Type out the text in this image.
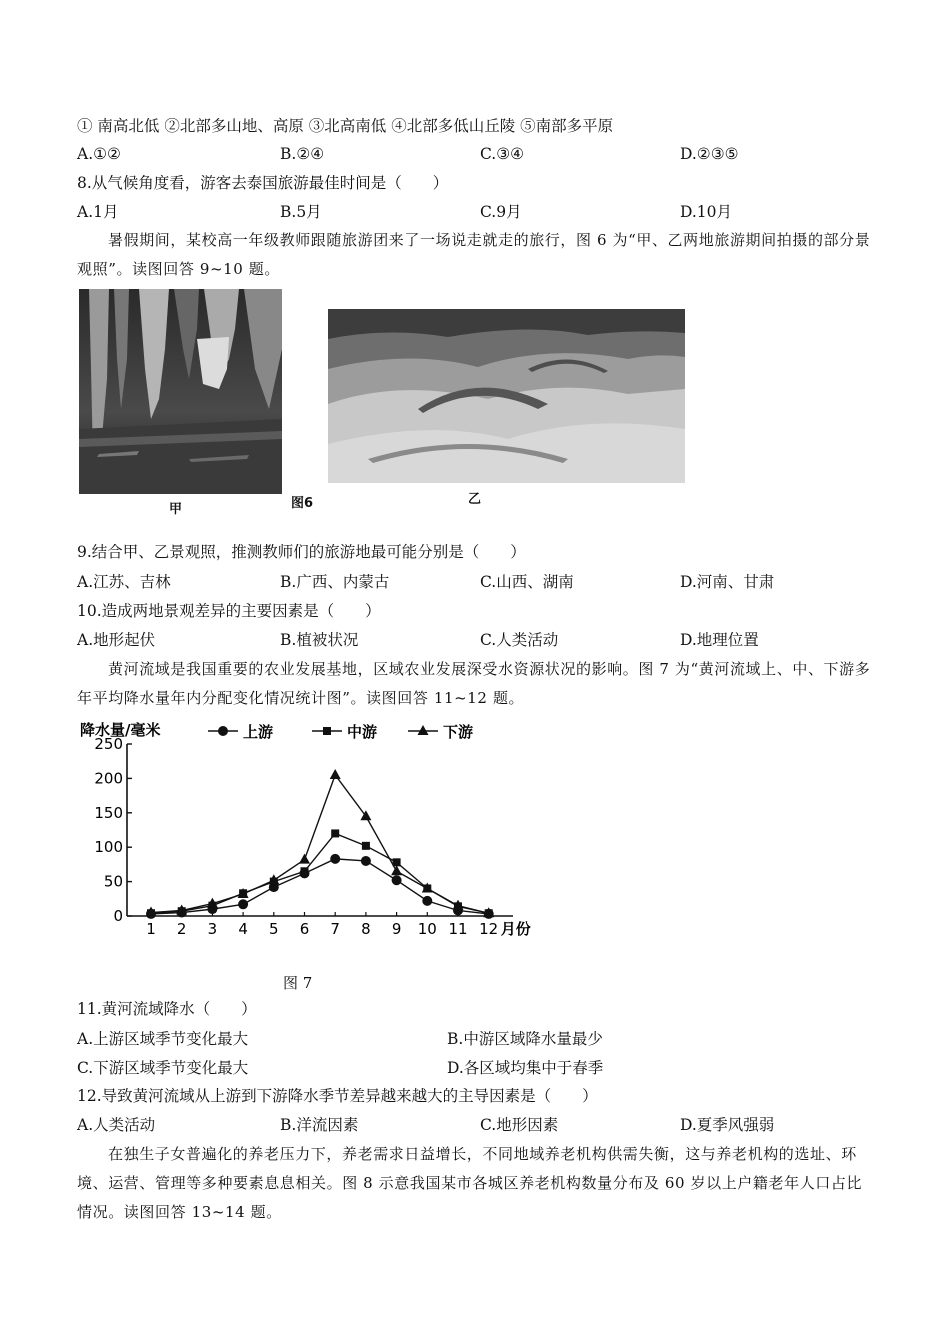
① 南高北低 ②北部多山地、高原 ③北高南低 ④北部多低山丘陵 ⑤南部多平原
A.①②	B.②④	C.③④	D.②③⑤
8.从气候角度看，游客去泰国旅游最佳时间是（　　）
A.1月	B.5月	C.9月	D.10月
暑假期间，某校高一年级教师跟随旅游团来了一场说走就走的旅行，图 6 为“甲、乙两地旅游期间拍摄的部分景观照”。读图回答 9~10 题。
甲	图6	乙
9.结合甲、乙景观照，推测教师们的旅游地最可能分别是（　　）
A.江苏、吉林	B.广西、内蒙古	C.山西、湖南	D.河南、甘肃
10.造成两地景观差异的主要因素是（　　）
A.地形起伏	B.植被状况	C.人类活动	D.地理位置
黄河流域是我国重要的农业发展基地，区域农业发展深受水资源状况的影响。图 7 为“黄河流域上、中、下游多年平均降水量年内分配变化情况统计图”。读图回答 11~12 题。
降水量/毫米	上游	中游	下游
0
50
100
150
200
250
1 2 3 4 5 6 7 8 9 10 11 12 月份
图 7
11.黄河流域降水（　　）
A.上游区域季节变化最大	B.中游区域降水量最少
C.下游区域季节变化最大	D.各区域均集中于春季
12.导致黄河流域从上游到下游降水季节差异越来越大的主导因素是（　　）
A.人类活动	B.洋流因素	C.地形因素	D.夏季风强弱
在独生子女普遍化的养老压力下，养老需求日益增长，不同地域养老机构供需失衡，这与养老机构的选址、环境、运营、管理等多种要素息息相关。图 8 示意我国某市各城区养老机构数量分布及 60 岁以上户籍老年人口占比情况。读图回答 13~14 题。
